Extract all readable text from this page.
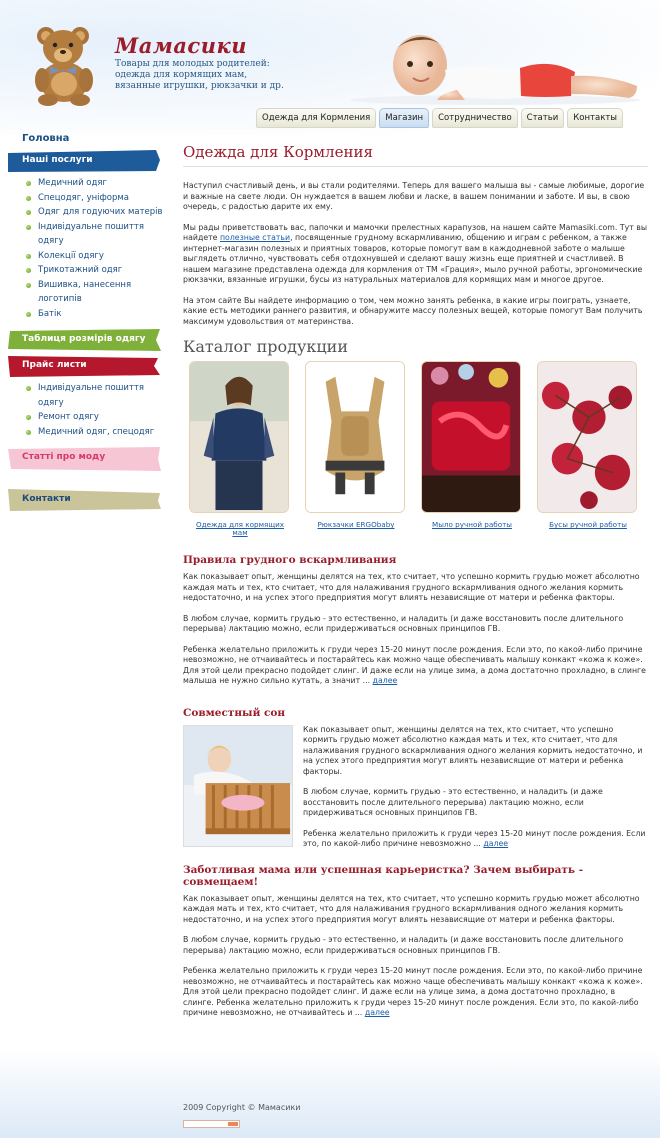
Мамасики
Товары для молодых родителей: одежда для кормящих мам, вязанные игрушки, рюкзачки и др.
Одежда для Кормления	Магазин	Сотрудничество	Статьи	Контакты
Головна
Наші послуги
Медичний одяг
Спецодяг, уніформа
Одяг для годуючих матерів
Індивідуальне пошиття одягу
Колекції одягу
Трикотажний одяг
Вишивка, нанесення логотипів
Батік
Таблиця розмірів одягу
Прайс листи
Індивідуальне пошиття одягу
Ремонт одягу
Медичний одяг, спецодяг
Статті про моду
Контакти
Одежда для Кормления

Наступил счастливый день, и вы стали родителями. Теперь для вашего малыша вы - самые любимые, дорогие и важные на свете люди. Он нуждается в вашем любви и ласке, в вашем понимании и заботе. И вы, в свою очередь, с радостью дарите их ему.

Мы рады приветствовать вас, папочки и мамочки прелестных карапузов, на нашем сайте Mamasiki.com. Тут вы найдете полезные статьи, посвященные грудному вскармливанию, общению и играм с ребенком, а также интернет-магазин полезных и приятных товаров, которые помогут вам в каждодневной заботе о малыше выглядеть отлично, чувствовать себя отдохнувшей и сделают вашу жизнь еще приятней и счастливей. В нашем магазине представлена одежда для кормления от ТМ «Грация», мыло ручной работы, эргономические рюкзачки, вязанные игрушки, бусы из натуральных материалов для кормящих мам и многое другое.

На этом сайте Вы найдете информацию о том, чем можно занять ребенка, в какие игры поиграть, узнаете, какие есть методики раннего развития, и обнаружите массу полезных вещей, которые помогут Вам получить максимум удовольствия от материнства.

Каталог продукции
Одежда для кормящих мам
Рюкзачки ERGObaby	Мыло ручной работы	Бусы ручной работы
Правила грудного вскармливания

Как показывает опыт, женщины делятся на тех, кто считает, что успешно кормить грудью может абсолютно каждая мать и тех, кто считает, что для налаживания грудного вскармливания одного желания кормить недостаточно, и на успех этого предприятия могут влиять независящие от матери и ребенка факторы.

В любом случае, кормить грудью - это естественно, и наладить (и даже восстановить после длительного перерыва) лактацию можно, если придерживаться основных принципов ГВ.

Ребенка желательно приложить к груди через 15-20 минут после рождения. Если это, по какой-либо причине невозможно, не отчаивайтесь и постарайтесь как можно чаще обеспечивать малышу конкакт «кожа к коже». Для этой цели прекрасно подойдет слинг. И даже если на улице зима, а дома достаточно прохладно, в слинге малыша не нужно сильно кутать, а значит ... далее

Совместный сон

Как показывает опыт, женщины делятся на тех, кто считает, что успешно кормить грудью может абсолютно каждая мать и тех, кто считает, что для налаживания грудного вскармливания одного желания кормить недостаточно, и на успех этого предприятия могут влиять независящие от матери и ребенка факторы.

В любом случае, кормить грудью - это естественно, и наладить (и даже восстановить после длительного перерыва) лактацию можно, если придерживаться основных принципов ГВ.

Ребенка желательно приложить к груди через 15-20 минут после рождения. Если это, по какой-либо причине невозможно ... далее

Заботливая мама или успешная карьеристка? Зачем выбирать - совмещаем!

Как показывает опыт, женщины делятся на тех, кто считает, что успешно кормить грудью может абсолютно каждая мать и тех, кто считает, что для налаживания грудного вскармливания одного желания кормить недостаточно, и на успех этого предприятия могут влиять независящие от матери и ребенка факторы.

В любом случае, кормить грудью - это естественно, и наладить (и даже восстановить после длительного перерыва) лактацию можно, если придерживаться основных принципов ГВ.

Ребенка желательно приложить к груди через 15-20 минут после рождения. Если это, по какой-либо причине невозможно, не отчаивайтесь и постарайтесь как можно чаще обеспечивать малышу конкакт «кожа к коже». Для этой цели прекрасно подойдет слинг. И даже если на улице зима, а дома достаточно прохладно, в слинге. Ребенка желательно приложить к груди через 15-20 минут после рождения. Если это, по какой-либо причине невозможно, не отчаивайтесь и ... далее

2009 Copyright © Мамасики
